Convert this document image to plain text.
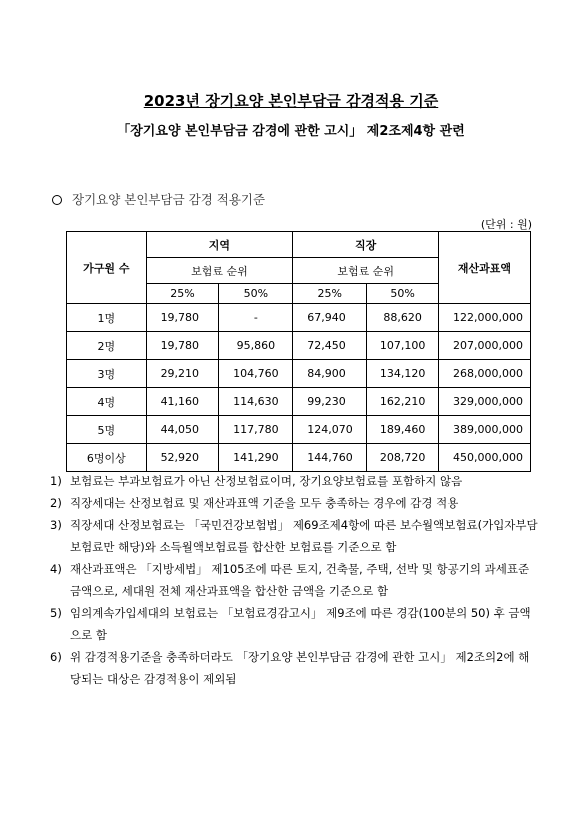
2023년 장기요양 본인부담금 감경적용 기준
「장기요양 본인부담금 감경에 관한 고시」 제2조제4항 관련
장기요양 본인부담금 감경 적용기준
(단위 : 원)
가구원 수	지역		직장		재산과표액
	보험료 순위		보험료 순위		
	25%	50%	25%	50%	
1명	19,780	-	67,940	88,620	122,000,000
2명	19,780	95,860	72,450	107,100	207,000,000
3명	29,210	104,760	84,900	134,120	268,000,000
4명	41,160	114,630	99,230	162,210	329,000,000
5명	44,050	117,780	124,070	189,460	389,000,000
6명이상	52,920	141,290	144,760	208,720	450,000,000
1) 보험료는 부과보험료가 아닌 산정보험료이며, 장기요양보험료를 포함하지 않음
2) 직장세대는 산정보험료 및 재산과표액 기준을 모두 충족하는 경우에 감경 적용
3) 직장세대 산정보험료는 「국민건강보험법」 제69조제4항에 따른 보수월액보험료(가입자부담 보험료만 해당)와 소득월액보험료를 합산한 보험료를 기준으로 함
4) 재산과표액은 「지방세법」 제105조에 따른 토지, 건축물, 주택, 선박 및 항공기의 과세표준금액으로, 세대원 전체 재산과표액을 합산한 금액을 기준으로 함
5) 임의계속가입세대의 보험료는 「보험료경감고시」 제9조에 따른 경감(100분의 50) 후 금액으로 함
6) 위 감경적용기준을 충족하더라도 「장기요양 본인부담금 감경에 관한 고시」 제2조의2에 해당되는 대상은 감경적용이 제외됨
